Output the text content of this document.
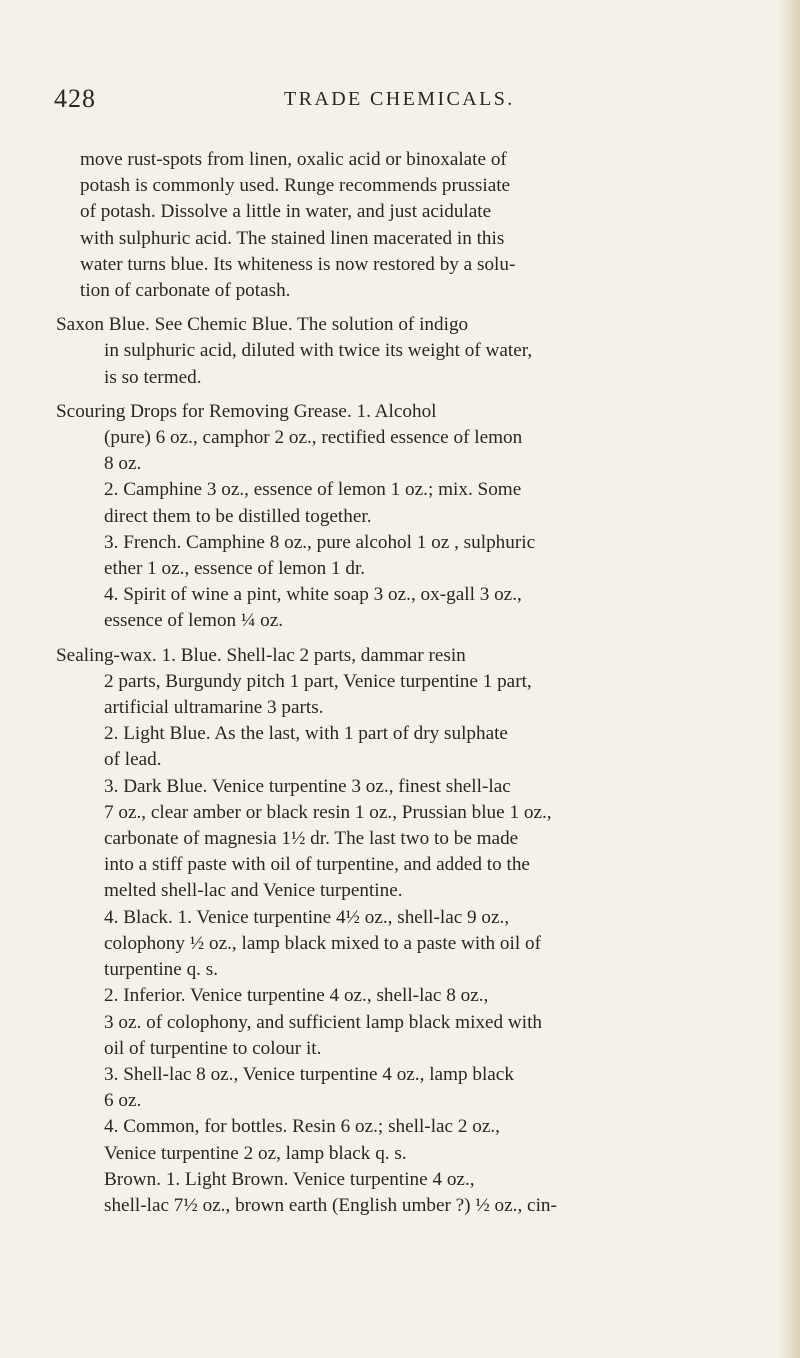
428	TRADE CHEMICALS.
move rust-spots from linen, oxalic acid or binoxalate of
potash is commonly used. Runge recommends prussiate
of potash. Dissolve a little in water, and just acidulate
with sulphuric acid. The stained linen macerated in this
water turns blue. Its whiteness is now restored by a solu-
tion of carbonate of potash.
Saxon Blue. See Chemic Blue. The solution of indigo
in sulphuric acid, diluted with twice its weight of water,
is so termed.
Scouring Drops for Removing Grease. 1. Alcohol
(pure) 6 oz., camphor 2 oz., rectified essence of lemon
8 oz.
2. Camphine 3 oz., essence of lemon 1 oz.; mix. Some
direct them to be distilled together.
3. French. Camphine 8 oz., pure alcohol 1 oz , sulphuric
ether 1 oz., essence of lemon 1 dr.
4. Spirit of wine a pint, white soap 3 oz., ox-gall 3 oz.,
essence of lemon ¼ oz.
Sealing-wax. 1. Blue. Shell-lac 2 parts, dammar resin
2 parts, Burgundy pitch 1 part, Venice turpentine 1 part,
artificial ultramarine 3 parts.
2. Light Blue. As the last, with 1 part of dry sulphate
of lead.
3. Dark Blue. Venice turpentine 3 oz., finest shell-lac
7 oz., clear amber or black resin 1 oz., Prussian blue 1 oz.,
carbonate of magnesia 1½ dr. The last two to be made
into a stiff paste with oil of turpentine, and added to the
melted shell-lac and Venice turpentine.
4. Black. 1. Venice turpentine 4½ oz., shell-lac 9 oz.,
colophony ½ oz., lamp black mixed to a paste with oil of
turpentine q. s.
2. Inferior. Venice turpentine 4 oz., shell-lac 8 oz.,
3 oz. of colophony, and sufficient lamp black mixed with
oil of turpentine to colour it.
3. Shell-lac 8 oz., Venice turpentine 4 oz., lamp black
6 oz.
4. Common, for bottles. Resin 6 oz.; shell-lac 2 oz.,
Venice turpentine 2 oz, lamp black q. s.
Brown. 1. Light Brown. Venice turpentine 4 oz.,
shell-lac 7½ oz., brown earth (English umber ?) ½ oz., cin-
